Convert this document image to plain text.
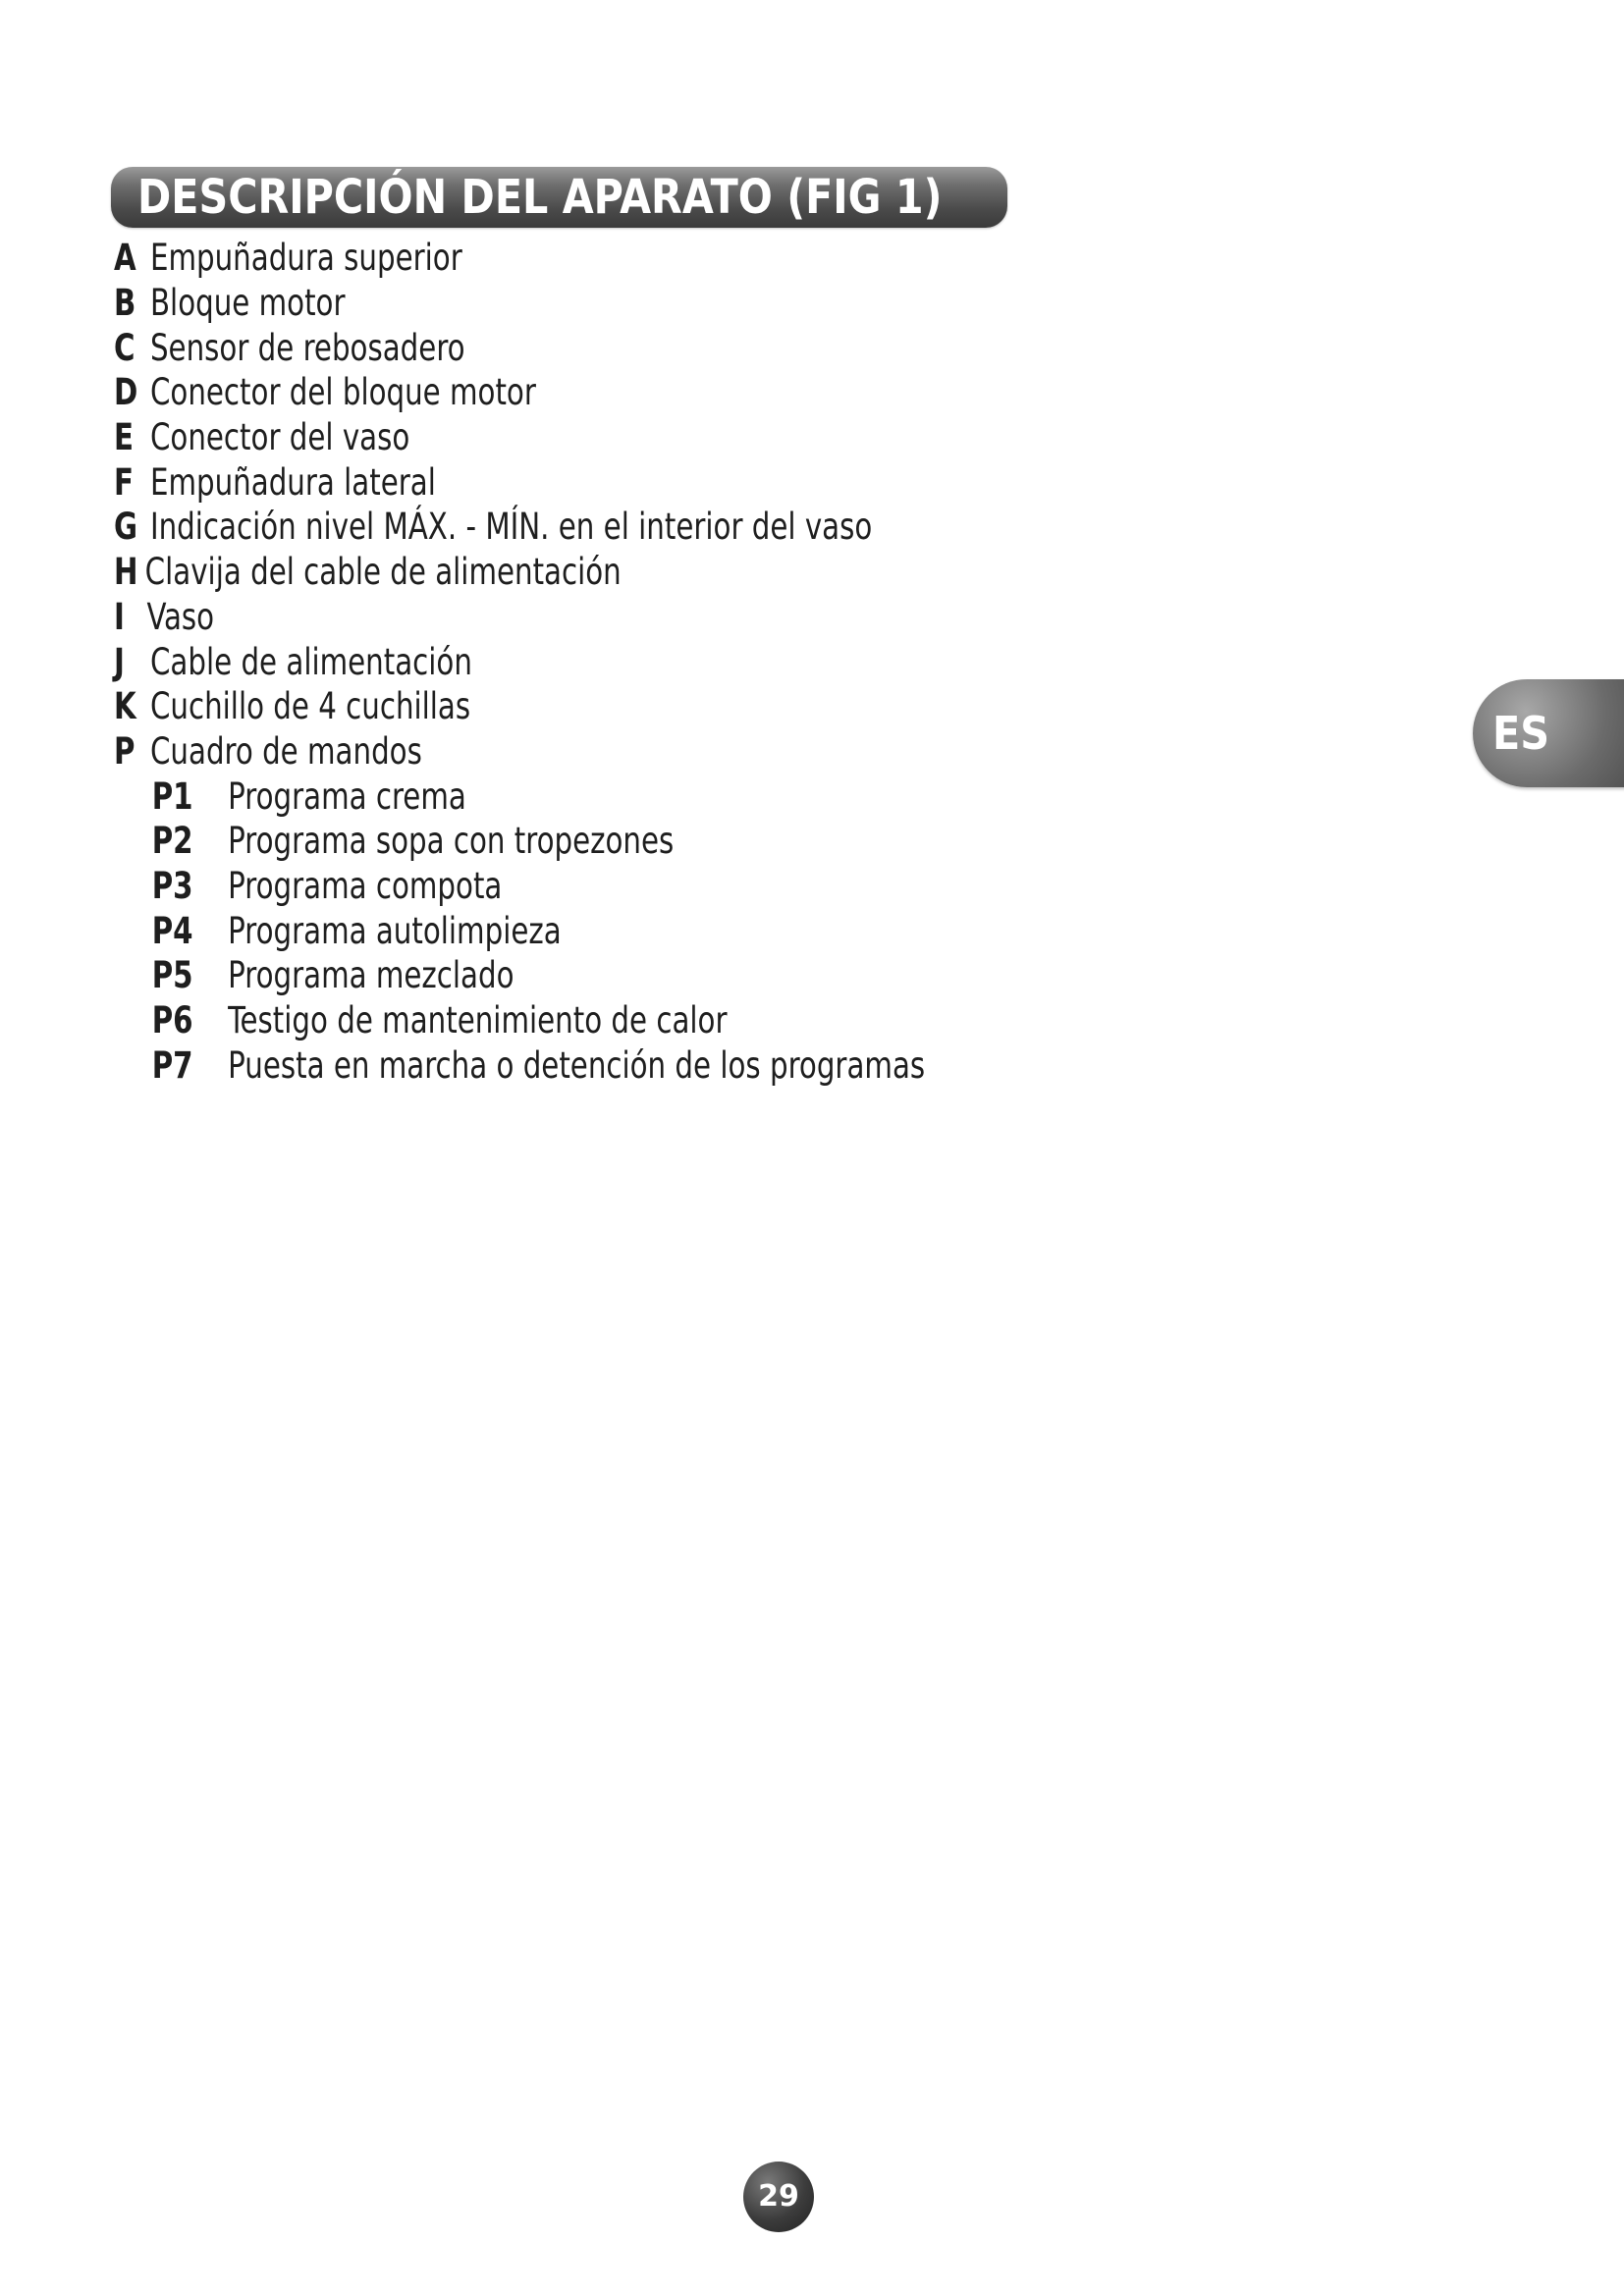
DESCRIPCIÓN DEL APARATO (FIG 1)
A Empuñadura superior
B Bloque motor
C Sensor de rebosadero
D Conector del bloque motor
E Conector del vaso
F Empuñadura lateral
G Indicación nivel MÁX. - MÍN. en el interior del vaso
H Clavija del cable de alimentación
I Vaso
J Cable de alimentación
K Cuchillo de 4 cuchillas
P Cuadro de mandos
P1 Programa crema
P2 Programa sopa con tropezones
P3 Programa compota
P4 Programa autolimpieza
P5 Programa mezclado
P6 Testigo de mantenimiento de calor
P7 Puesta en marcha o detención de los programas
ES
29
